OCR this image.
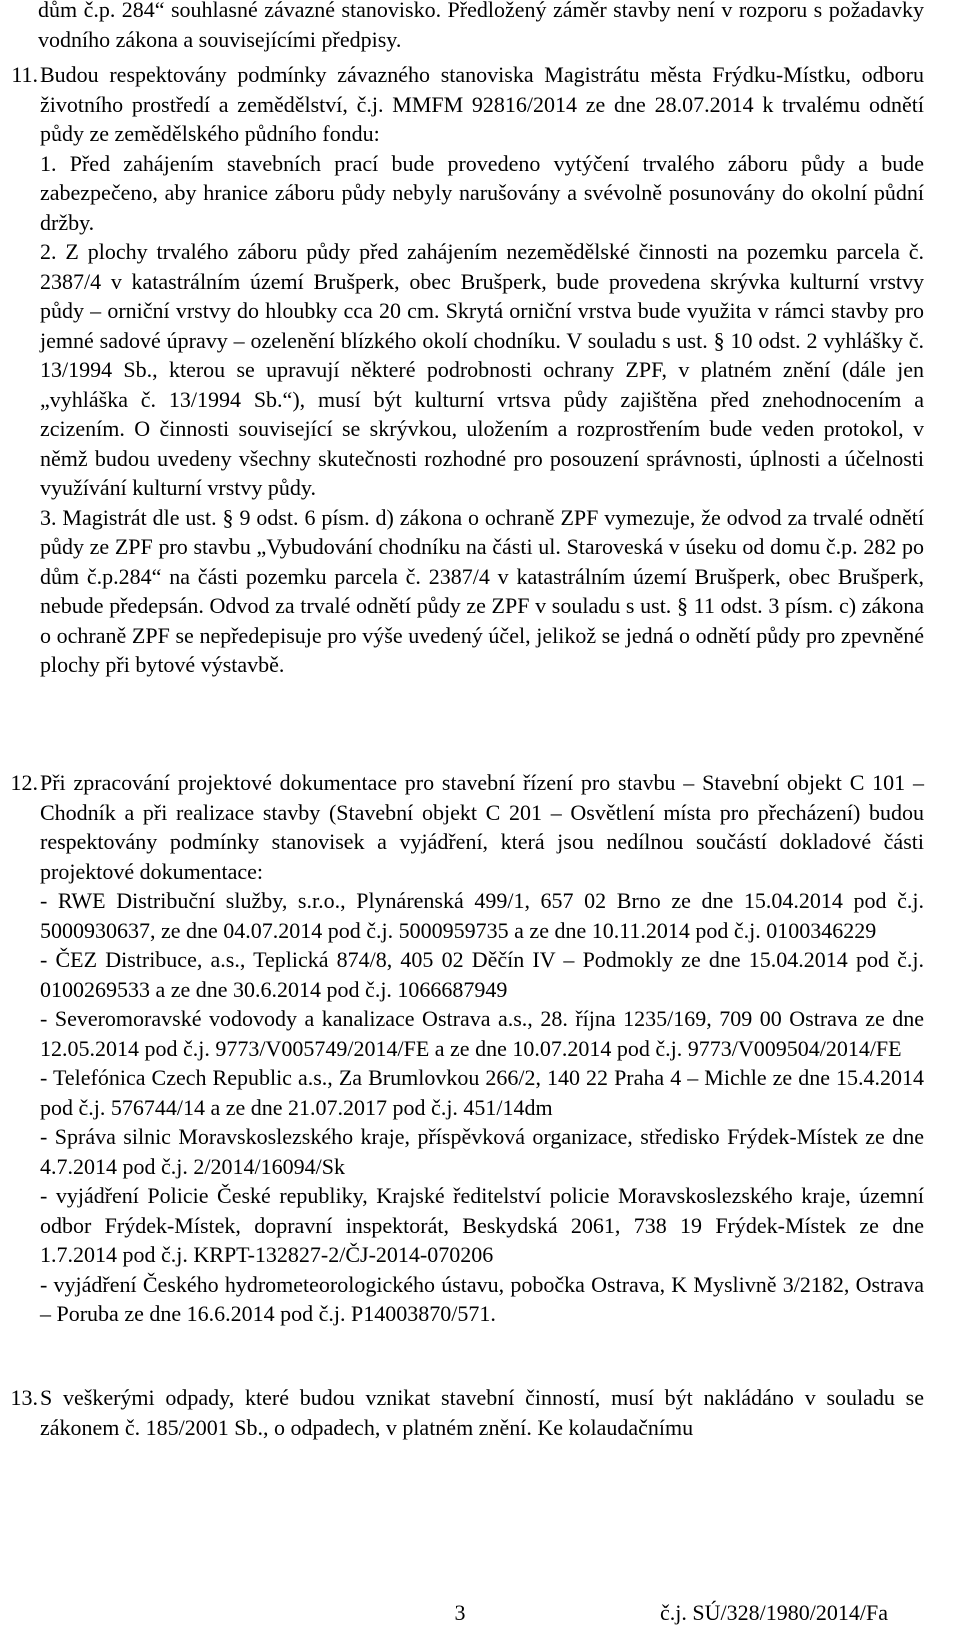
dům č.p. 284“ souhlasné závazné stanovisko. Předložený záměr stavby není v rozporu s požadavky vodního zákona a souvisejícími předpisy.
11. Budou respektovány podmínky závazného stanoviska Magistrátu města Frýdku-Místku, odboru životního prostředí a zemědělství, č.j. MMFM 92816/2014 ze dne 28.07.2014 k trvalému odnětí půdy ze zemědělského půdního fondu:
1. Před zahájením stavebních prací bude provedeno vytýčení trvalého záboru půdy a bude zabezpečeno, aby hranice záboru půdy nebyly narušovány a svévolně posunovány do okolní půdní držby.
2. Z plochy trvalého záboru půdy před zahájením nezemědělské činnosti na pozemku parcela č. 2387/4 v katastrálním území Brušperk, obec Brušperk, bude provedena skrývka kulturní vrstvy půdy – orniční vrstvy do hloubky cca 20 cm. Skrytá orniční vrstva bude využita v rámci stavby pro jemné sadové úpravy – ozelenění blízkého okolí chodníku. V souladu s ust. § 10 odst. 2 vyhlášky č. 13/1994 Sb., kterou se upravují některé podrobnosti ochrany ZPF, v platném znění (dále jen „vyhláška č. 13/1994 Sb.“), musí být kulturní vrtsva půdy zajištěna před znehodnocením a zcizením. O činnosti související se skrývkou, uložením a rozprostřením bude veden protokol, v němž budou uvedeny všechny skutečnosti rozhodné pro posouzení správnosti, úplnosti a účelnosti využívání kulturní vrstvy půdy.
3. Magistrát dle ust. § 9 odst. 6 písm. d) zákona o ochraně ZPF vymezuje, že odvod za trvalé odnětí půdy ze ZPF pro stavbu „Vybudování chodníku na části ul. Staroveská v úseku od domu č.p. 282 po dům č.p.284“ na části pozemku parcela č. 2387/4 v katastrálním území Brušperk, obec Brušperk, nebude předepsán. Odvod za trvalé odnětí půdy ze ZPF v souladu s ust. § 11 odst. 3 písm. c) zákona o ochraně ZPF se nepředepisuje pro výše uvedený účel, jelikož se jedná o odnětí půdy pro zpevněné plochy při bytové výstavbě.
12. Při zpracování projektové dokumentace pro stavební řízení pro stavbu – Stavební objekt C 101 – Chodník a při realizace stavby (Stavební objekt C 201 – Osvětlení místa pro přecházení) budou respektovány podmínky stanovisek a vyjádření, která jsou nedílnou součástí dokladové části projektové dokumentace:
- RWE Distribuční služby, s.r.o., Plynárenská 499/1, 657 02 Brno ze dne 15.04.2014 pod č.j. 5000930637, ze dne 04.07.2014 pod č.j. 5000959735 a ze dne 10.11.2014 pod č.j. 0100346229
- ČEZ Distribuce, a.s., Teplická 874/8, 405 02 Děčín IV – Podmokly ze dne 15.04.2014 pod č.j. 0100269533 a ze dne 30.6.2014 pod č.j. 1066687949
- Severomoravské vodovody a kanalizace Ostrava a.s., 28. října 1235/169, 709 00 Ostrava ze dne 12.05.2014 pod č.j. 9773/V005749/2014/FE a ze dne 10.07.2014 pod č.j. 9773/V009504/2014/FE
- Telefónica Czech Republic a.s., Za Brumlovkou 266/2, 140 22 Praha 4 – Michle ze dne 15.4.2014 pod č.j. 576744/14 a ze dne 21.07.2017 pod č.j. 451/14dm
- Správa silnic Moravskoslezského kraje, příspěvková organizace, středisko Frýdek-Místek ze dne 4.7.2014 pod č.j. 2/2014/16094/Sk
- vyjádření Policie České republiky, Krajské ředitelství policie Moravskoslezského kraje, územní odbor Frýdek-Místek, dopravní inspektorát, Beskydská 2061, 738 19 Frýdek-Místek ze dne 1.7.2014 pod č.j. KRPT-132827-2/ČJ-2014-070206
- vyjádření Českého hydrometeorologického ústavu, pobočka Ostrava, K Myslivně 3/2182, Ostrava – Poruba ze dne 16.6.2014 pod č.j. P14003870/571.
13. S veškerými odpady, které budou vznikat stavební činností, musí být nakládáno v souladu se zákonem č. 185/2001 Sb., o odpadech, v platném znění. Ke kolaudačnímu
3	č.j. SÚ/328/1980/2014/Fa
